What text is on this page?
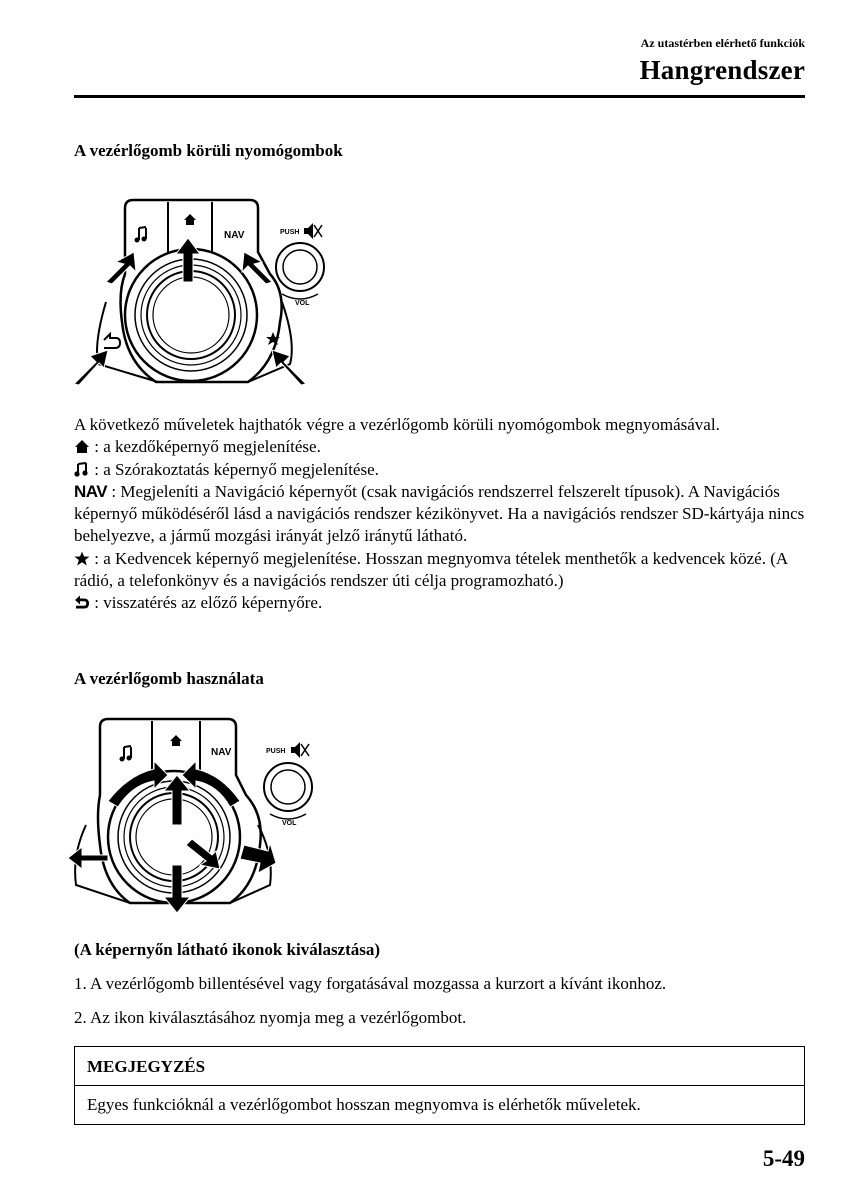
Az utastérben elérhető funkciók
Hangrendszer
A vezérlőgomb körüli nyomógombok
NAV	PUSH
VOL

A következő műveletek hajthatók végre a vezérlőgomb körüli nyomógombok megnyomásával.

: a kezdőképernyő megjelenítése.

: a Szórakoztatás képernyő megjelenítése.

NAV : Megjeleníti a Navigáció képernyőt (csak navigációs rendszerrel felszerelt típusok). A Navigációs képernyő működéséről lásd a navigációs rendszer kézikönyvet. Ha a navigációs rendszer SD-kártyája nincs behelyezve, a jármű mozgási irányát jelző iránytű látható.

: a Kedvencek képernyő megjelenítése. Hosszan megnyomva tételek menthetők a kedvencek közé. (A rádió, a telefonkönyv és a navigációs rendszer úti célja programozható.)

: visszatérés az előző képernyőre.

A vezérlőgomb használata
NAV	PUSH
VOL
(A képernyőn látható ikonok kiválasztása)
1. A vezérlőgomb billentésével vagy forgatásával mozgassa a kurzort a kívánt ikonhoz.
2. Az ikon kiválasztásához nyomja meg a vezérlőgombot.
MEGJEGYZÉS
Egyes funkcióknál a vezérlőgombot hosszan megnyomva is elérhetők műveletek.
5-49
